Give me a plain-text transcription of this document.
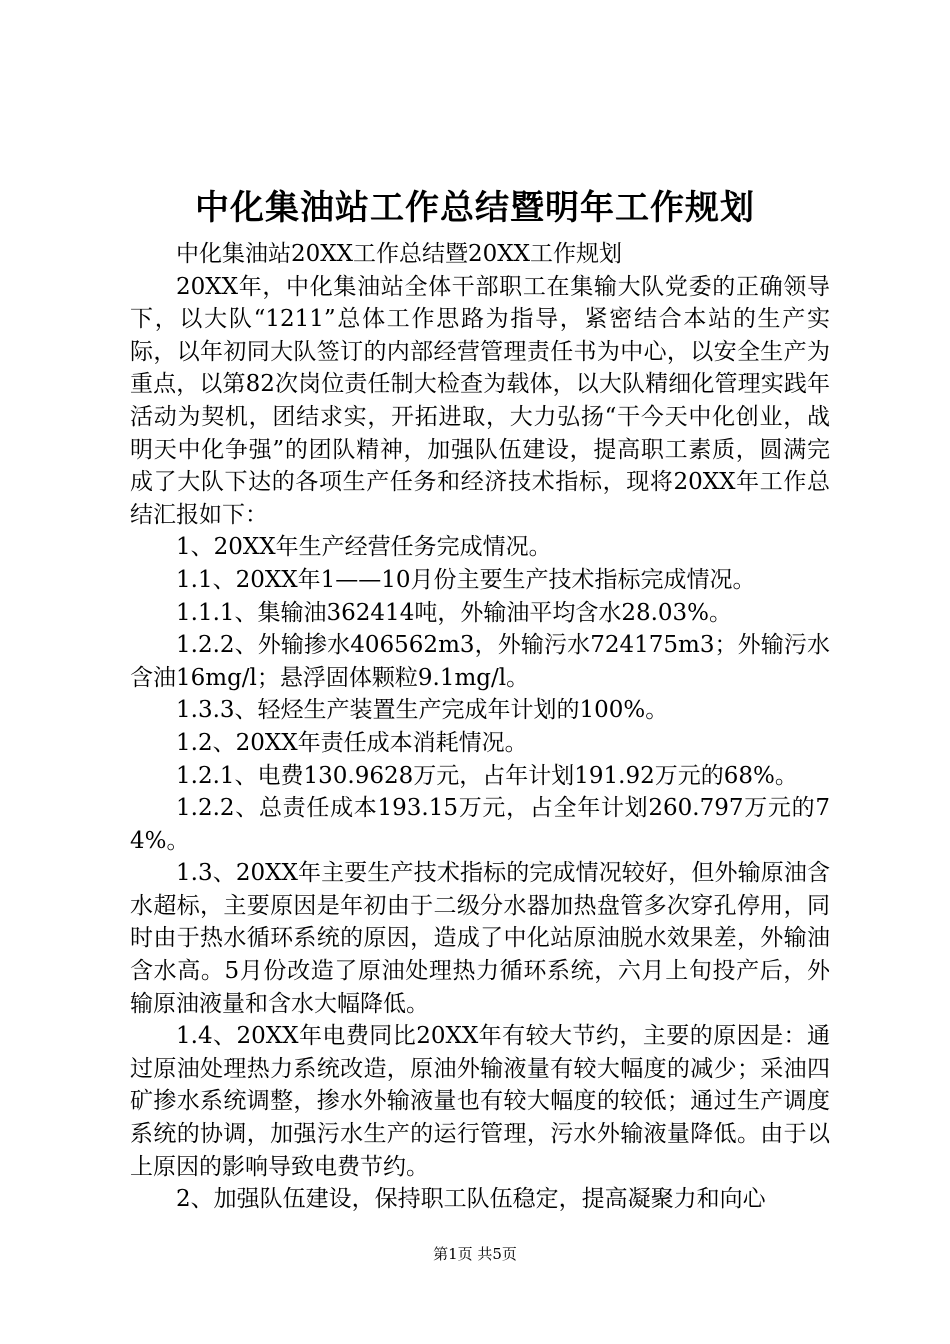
中化集油站工作总结暨明年工作规划

中化集油站20XX工作总结暨20XX工作规划

20XX年，中化集油站全体干部职工在集输大队党委的正确领导下，以大队“1211”总体工作思路为指导，紧密结合本站的生产实际，以年初同大队签订的内部经营管理责任书为中心，以安全生产为重点，以第82次岗位责任制大检查为载体，以大队精细化管理实践年活动为契机，团结求实，开拓进取，大力弘扬“干今天中化创业，战明天中化争强”的团队精神，加强队伍建设，提高职工素质，圆满完成了大队下达的各项生产任务和经济技术指标，现将20XX年工作总结汇报如下：

1、20XX年生产经营任务完成情况。

1.1、20XX年1——10月份主要生产技术指标完成情况。

1.1.1、集输油362414吨，外输油平均含水28.03%。

1.2.2、外输掺水406562m3，外输污水724175m3；外输污水含油16mg/l；悬浮固体颗粒9.1mg/l。

1.3.3、轻烃生产装置生产完成年计划的100%。

1.2、20XX年责任成本消耗情况。

1.2.1、电费130.9628万元，占年计划191.92万元的68%。

1.2.2、总责任成本193.15万元，占全年计划260.797万元的74%。

1.3、20XX年主要生产技术指标的完成情况较好，但外输原油含水超标，主要原因是年初由于二级分水器加热盘管多次穿孔停用，同时由于热水循环系统的原因，造成了中化站原油脱水效果差，外输油含水高。5月份改造了原油处理热力循环系统，六月上旬投产后，外输原油液量和含水大幅降低。

1.4、20XX年电费同比20XX年有较大节约，主要的原因是：通过原油处理热力系统改造，原油外输液量有较大幅度的减少；采油四矿掺水系统调整，掺水外输液量也有较大幅度的较低；通过生产调度系统的协调，加强污水生产的运行管理，污水外输液量降低。由于以上原因的影响导致电费节约。

2、加强队伍建设，保持职工队伍稳定，提高凝聚力和向心

第1页 共5页
